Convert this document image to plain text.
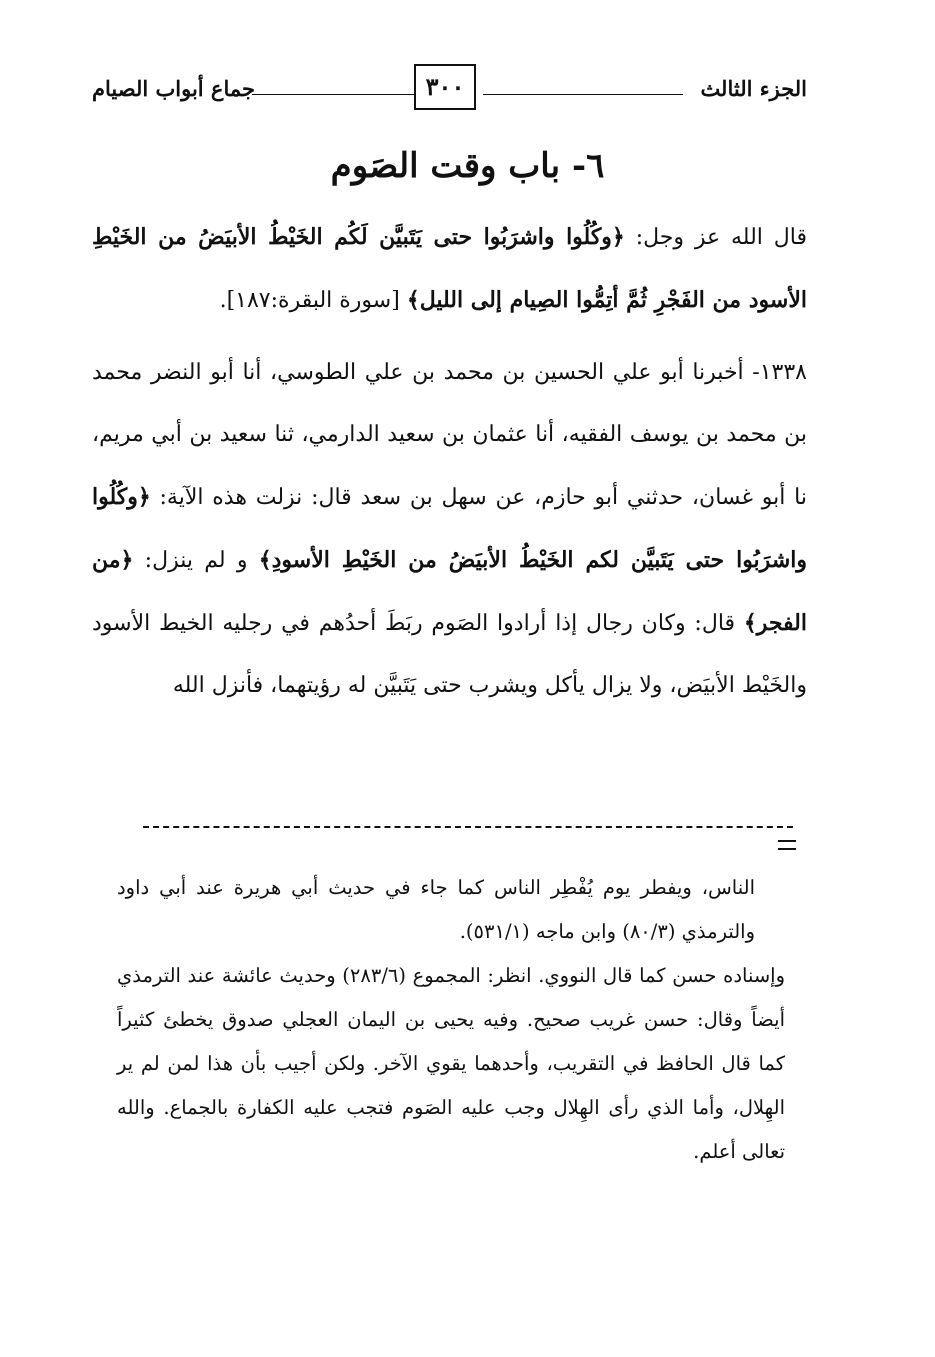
الجزء الثالث
٣٠٠
جماع أبواب الصيام
٦- باب وقت الصَوم

قال الله عز وجل: ﴿وكُلُوا واشرَبُوا حتى يَتَبيَّن لَكُم الخَيْطُ الأبيَضُ من الخَيْطِ الأسود من الفَجْرِ ثُمَّ أتِمُّوا الصِيام إلى الليل﴾ [سورة البقرة:١٨٧].

١٣٣٨- أخبرنا أبو علي الحسين بن محمد بن علي الطوسي، أنا أبو النضر محمد بن محمد بن يوسف الفقيه، أنا عثمان بن سعيد الدارمي، ثنا سعيد بن أبي مريم، نا أبو غسان، حدثني أبو حازم، عن سهل بن سعد قال: نزلت هذه الآية: ﴿وكُلُوا واشرَبُوا حتى يَتَبيَّن لكم الخَيْطُ الأبيَضُ من الخَيْطِ الأسودِ﴾ و لم ينزل: ﴿من الفجر﴾ قال: وكان رجال إذا أرادوا الصَوم ربَطَ أحدُهم في رجليه الخيط الأسود والخَيْط الأبيَض، ولا يزال يأكل ويشرب حتى يَتَبيَّن له رؤيتهما، فأنزل الله

الناس، ويفطر يوم يُفْطِر الناس كما جاء في حديث أبي هريرة عند أبي داود والترمذي (٨٠/٣) وابن ماجه (٥٣١/١).

وإسناده حسن كما قال النووي. انظر: المجموع (٢٨٣/٦) وحديث عائشة عند الترمذي أيضاً وقال: حسن غريب صحيح. وفيه يحيى بن اليمان العجلي صدوق يخطئ كثيراً كما قال الحافظ في التقريب، وأحدهما يقوي الآخر. ولكن أجيب بأن هذا لمن لم ير الهِلال، وأما الذي رأى الهِلال وجب عليه الصَوم فتجب عليه الكفارة بالجماع. والله تعالى أعلم.
